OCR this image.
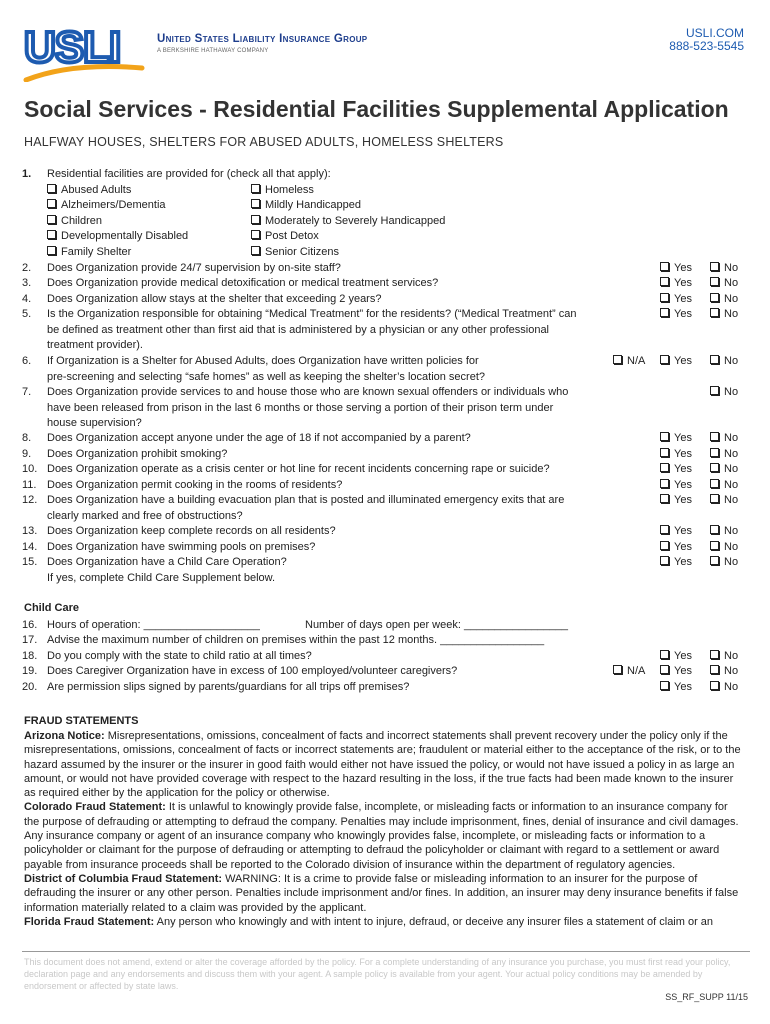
USLI	United States Liability Insurance Group
A BERKSHIRE HATHAWAY COMPANY
USLI.COM
888-523-5545
Social Services - Residential Facilities Supplemental Application
HALFWAY HOUSES, SHELTERS FOR ABUSED ADULTS, HOMELESS SHELTERS
1.	Residential facilities are provided for (check all that apply):
Abused Adults
Alzheimers/Dementia
Children
Developmentally Disabled
Family Shelter
Homeless
Mildly Handicapped
Moderately to Severely Handicapped
Post Detox
Senior Citizens
2.	Does Organization provide 24/7 supervision by on-site staff?	Yes	No
3.	Does Organization provide medical detoxification or medical treatment services?	Yes	No
4.	Does Organization allow stays at the shelter that exceeding 2 years?	Yes	No
5.	Is the Organization responsible for obtaining “Medical Treatment” for the residents? (“Medical Treatment” can
be defined as treatment other than first aid that is administered by a physician or any other professional
treatment provider).
Yes	No
6.	If Organization is a Shelter for Abused Adults, does Organization have written policies for
pre-screening and selecting “safe homes” as well as keeping the shelter’s location secret?
N/A	Yes	No
7.	Does Organization provide services to and house those who are known sexual offenders or individuals who
have been released from prison in the last 6 months or those serving a portion of their prison term under
house supervision?
No
8.	Does Organization accept anyone under the age of 18 if not accompanied by a parent?	Yes	No
9.	Does Organization prohibit smoking?	Yes	No
10. Does Organization operate as a crisis center or hot line for recent incidents concerning rape or suicide?	Yes	No
11. Does Organization permit cooking in the rooms of residents?	Yes	No
12. Does Organization have a building evacuation plan that is posted and illuminated emergency exits that are
clearly marked and free of obstructions?
Yes	No
13. Does Organization keep complete records on all residents?	Yes	No
14. Does Organization have swimming pools on premises?	Yes	No
15. Does Organization have a Child Care Operation?
If yes, complete Child Care Supplement below.
Yes	No
Child Care
16. Hours of operation: ___________________	Number of days open per week: _________________
17. Advise the maximum number of children on premises within the past 12 months. _________________
18. Do you comply with the state to child ratio at all times?	Yes	No
19. Does Caregiver Organization have in excess of 100 employed/volunteer caregivers?	N/A	Yes	No
20. Are permission slips signed by parents/guardians for all trips off premises?	Yes	No
FRAUD STATEMENTS
Arizona Notice: Misrepresentations, omissions, concealment of facts and incorrect statements shall prevent recovery under the policy only if the misrepresentations, omissions, concealment of facts or incorrect statements are; fraudulent or material either to the acceptance of the risk, or to the hazard assumed by the insurer or the insurer in good faith would either not have issued the policy, or would not have issued a policy in as large an amount, or would not have provided coverage with respect to the hazard resulting in the loss, if the true facts had been made known to the insurer as required either by the application for the policy or otherwise.
Colorado Fraud Statement: It is unlawful to knowingly provide false, incomplete, or misleading facts or information to an insurance company for the purpose of defrauding or attempting to defraud the company. Penalties may include imprisonment, fines, denial of insurance and civil damages. Any insurance company or agent of an insurance company who knowingly provides false, incomplete, or misleading facts or information to a policyholder or claimant for the purpose of defrauding or attempting to defraud the policyholder or claimant with regard to a settlement or award payable from insurance proceeds shall be reported to the Colorado division of insurance within the department of regulatory agencies.
District of Columbia Fraud Statement: WARNING: It is a crime to provide false or misleading information to an insurer for the purpose of defrauding the insurer or any other person. Penalties include imprisonment and/or fines. In addition, an insurer may deny insurance benefits if false information materially related to a claim was provided by the applicant.
Florida Fraud Statement: Any person who knowingly and with intent to injure, defraud, or deceive any insurer files a statement of claim or an
This document does not amend, extend or alter the coverage afforded by the policy. For a complete understanding of any insurance you purchase, you must first read your policy, declaration page and any endorsements and discuss them with your agent. A sample policy is available from your agent. Your actual policy conditions may be amended by endorsement or affected by state laws.
SS_RF_SUPP 11/15
